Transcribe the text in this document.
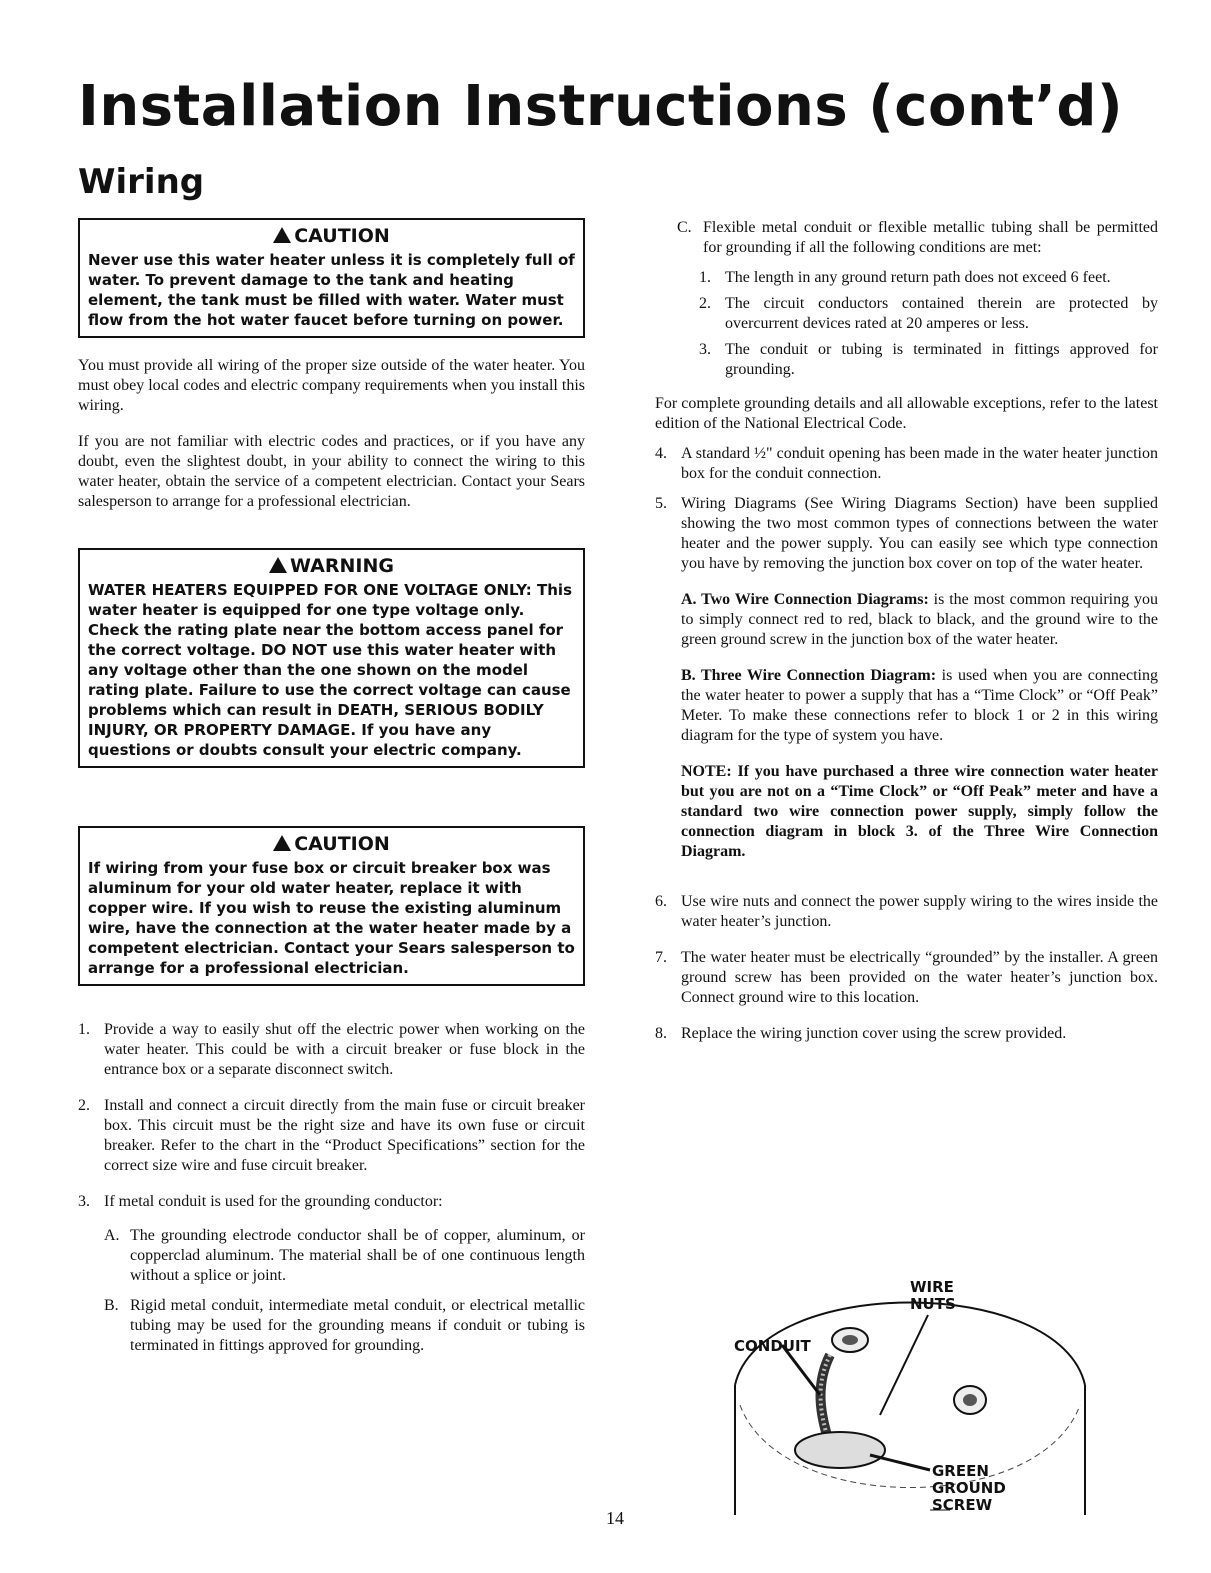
Installation Instructions (cont’d)
Wiring
CAUTION
Never use this water heater unless it is completely full of water. To prevent damage to the tank and heating element, the tank must be filled with water. Water must flow from the hot water faucet before turning on power.

You must provide all wiring of the proper size outside of the water heater. You must obey local codes and electric company requirements when you install this wiring.

If you are not familiar with electric codes and practices, or if you have any doubt, even the slightest doubt, in your ability to connect the wiring to this water heater, obtain the service of a competent electrician. Contact your Sears salesperson to arrange for a professional electrician.

WARNING
WATER HEATERS EQUIPPED FOR ONE VOLTAGE ONLY: This water heater is equipped for one type voltage only. Check the rating plate near the bottom access panel for the correct voltage. DO NOT use this water heater with any voltage other than the one shown on the model rating plate. Failure to use the correct voltage can cause problems which can result in DEATH, SERIOUS BODILY INJURY, OR PROPERTY DAMAGE. If you have any questions or doubts consult your electric company.
CAUTION
If wiring from your fuse box or circuit breaker box was aluminum for your old water heater, replace it with copper wire. If you wish to reuse the existing aluminum wire, have the connection at the water heater made by a competent electrician. Contact your Sears salesperson to arrange for a professional electrician.
1. Provide a way to easily shut off the electric power when working on the water heater. This could be with a circuit breaker or fuse block in the entrance box or a separate disconnect switch.
2. Install and connect a circuit directly from the main fuse or circuit breaker box. This circuit must be the right size and have its own fuse or circuit breaker. Refer to the chart in the “Product Specifications” section for the correct size wire and fuse circuit breaker.
3. If metal conduit is used for the grounding conductor:
A. The grounding electrode conductor shall be of copper, aluminum, or copperclad aluminum. The material shall be of one continuous length without a splice or joint.
B. Rigid metal conduit, intermediate metal conduit, or electrical metallic tubing may be used for the grounding means if conduit or tubing is terminated in fittings approved for grounding.
C. Flexible metal conduit or flexible metallic tubing shall be permitted for grounding if all the following conditions are met:
1. The length in any ground return path does not exceed 6 feet.
2. The circuit conductors contained therein are protected by overcurrent devices rated at 20 amperes or less.
3. The conduit or tubing is terminated in fittings approved for grounding.

For complete grounding details and all allowable exceptions, refer to the latest edition of the National Electrical Code.

4. A standard ½" conduit opening has been made in the water heater junction box for the conduit connection.
5. Wiring Diagrams (See Wiring Diagrams Section) have been supplied showing the two most common types of connections between the water heater and the power supply. You can easily see which type connection you have by removing the junction box cover on top of the water heater.

A. Two Wire Connection Diagrams: is the most common requiring you to simply connect red to red, black to black, and the ground wire to the green ground screw in the junction box of the water heater.

B. Three Wire Connection Diagram: is used when you are connecting the water heater to power a supply that has a “Time Clock” or “Off Peak” Meter. To make these connections refer to block 1 or 2 in this wiring diagram for the type of system you have.

NOTE: If you have purchased a three wire connection water heater but you are not on a “Time Clock” or “Off Peak” meter and have a standard two wire connection power supply, simply follow the connection diagram in block 3. of the Three Wire Connection Diagram.

6. Use wire nuts and connect the power supply wiring to the wires inside the water heater’s junction.
7. The water heater must be electrically “grounded” by the installer. A green ground screw has been provided on the water heater’s junction box. Connect ground wire to this location.
8. Replace the wiring junction cover using the screw provided.
WIRE
NUTS
CONDUIT
GREEN
GROUND
SCREW
14
